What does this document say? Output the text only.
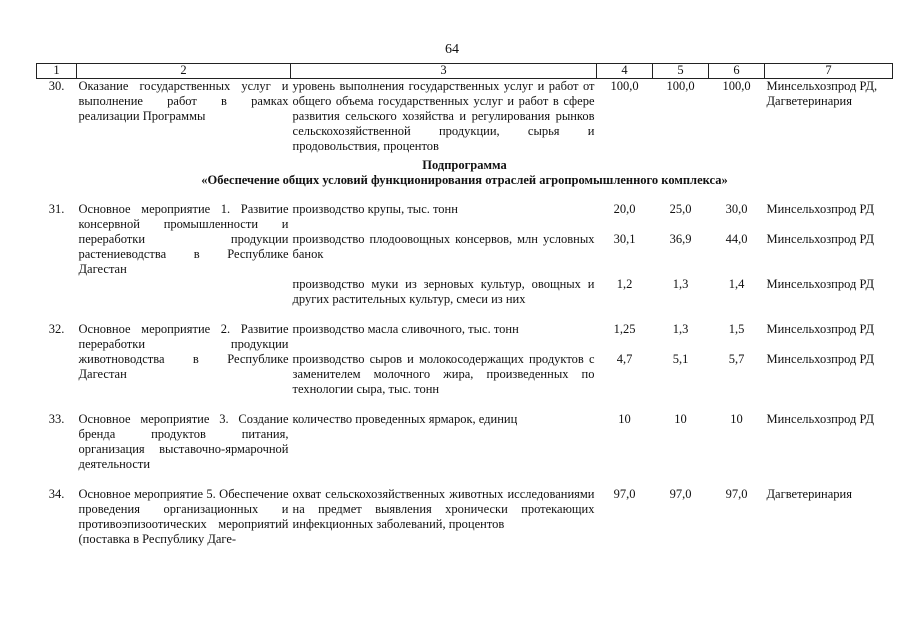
64
1	2	3	4	5	6	7
30.	Оказание государственных услуг и выполнение работ в рамках реализации Программы	уровень выполнения государственных услуг и работ от общего объема государственных услуг и работ в сфере развития сельского хозяйства и регулирования рынков сельскохозяйственной продукции, сырья и продовольствия, процентов	100,0	100,0	100,0	Минсельхозпрод РД, Дагветеринария

Подпрограмма
«Обеспечение общих условий функционирования отраслей агропромышленного комплекса»						

31.	Основное мероприятие 1. Развитие консервной промышленности и переработки продукции растениеводства в Республике Дагестан	производство крупы, тыс. тонн	20,0	25,0	30,0	Минсельхозпрод РД
		производство плодоовощных консервов, млн условных банок	30,1	36,9	44,0	Минсельхозпрод РД
		производство муки из зерновых культур, овощных и других растительных культур, смеси из них	1,2	1,3	1,4	Минсельхозпрод РД
32.	Основное мероприятие 2. Развитие переработки продукции животноводства в Республике Дагестан	производство масла сливочного, тыс. тонн	1,25	1,3	1,5	Минсельхозпрод РД
		производство сыров и молокосодержащих продуктов с заменителем молочного жира, произведенных по технологии сыра, тыс. тонн	4,7	5,1	5,7	Минсельхозпрод РД
33.	Основное мероприятие 3. Создание бренда продуктов питания, организация выставочно-ярмарочной деятельности	количество проведенных ярмарок, единиц	10	10	10	Минсельхозпрод РД
34.	Основное мероприятие 5. Обеспечение проведения организационных и противоэпизоотических мероприятий (поставка в Республику Даге-	охват сельскохозяйственных животных исследованиями на предмет выявления хронически протекающих инфекционных заболеваний, процентов	97,0	97,0	97,0	Дагветеринария
